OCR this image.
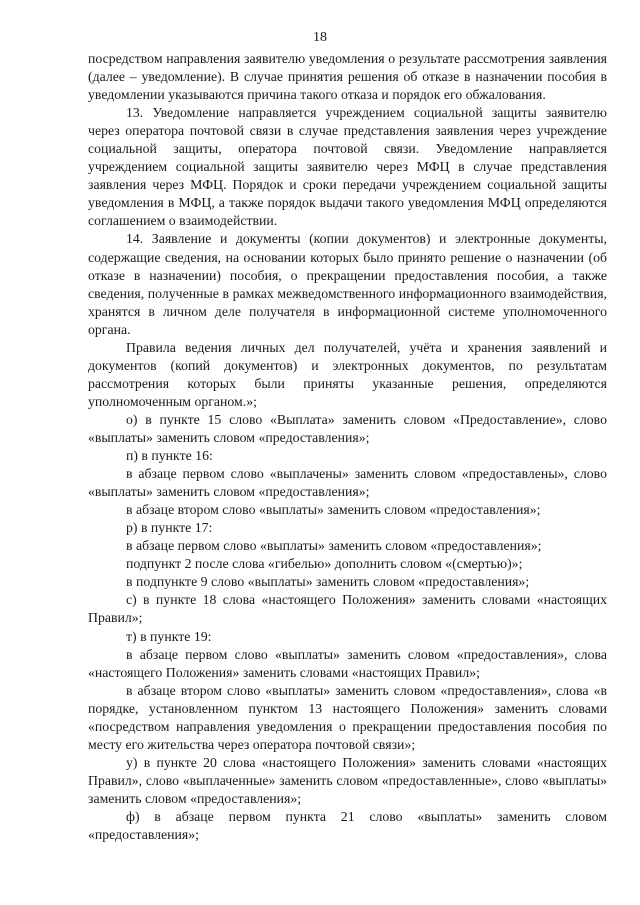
18

посредством направления заявителю уведомления о результате рассмотрения заявления (далее – уведомление). В случае принятия решения об отказе в назначении пособия в уведомлении указываются причина такого отказа и порядок его обжалования.

13. Уведомление направляется учреждением социальной защиты заявителю через оператора почтовой связи в случае представления заявления через учреждение социальной защиты, оператора почтовой связи. Уведомление направляется учреждением социальной защиты заявителю через МФЦ в случае представления заявления через МФЦ. Порядок и сроки передачи учреждением социальной защиты уведомления в МФЦ, а также порядок выдачи такого уведомления МФЦ определяются соглашением о взаимодействии.

14. Заявление и документы (копии документов) и электронные документы, содержащие сведения, на основании которых было принято решение о назначении (об отказе в назначении) пособия, о прекращении предоставления пособия, а также сведения, полученные в рамках межведомственного информационного взаимодействия, хранятся в личном деле получателя в информационной системе уполномоченного органа.

Правила ведения личных дел получателей, учёта и хранения заявлений и документов (копий документов) и электронных документов, по результатам рассмотрения которых были приняты указанные решения, определяются уполномоченным органом.»;

о) в пункте 15 слово «Выплата» заменить словом «Предоставление», слово «выплаты» заменить словом «предоставления»;

п) в пункте 16:

в абзаце первом слово «выплачены» заменить словом «предоставлены», слово «выплаты» заменить словом «предоставления»;

в абзаце втором слово «выплаты» заменить словом «предоставления»;

р) в пункте 17:

в абзаце первом слово «выплаты» заменить словом «предоставления»;

подпункт 2 после слова «гибелью» дополнить словом «(смертью)»;

в подпункте 9 слово «выплаты» заменить словом «предоставления»;

с) в пункте 18 слова «настоящего Положения» заменить словами «настоящих Правил»;

т) в пункте 19:

в абзаце первом слово «выплаты» заменить словом «предоставления», слова «настоящего Положения» заменить словами «настоящих Правил»;

в абзаце втором слово «выплаты» заменить словом «предоставления», слова «в порядке, установленном пунктом 13 настоящего Положения» заменить словами «посредством направления уведомления о прекращении предоставления пособия по месту его жительства через оператора почтовой связи»;

у) в пункте 20 слова «настоящего Положения» заменить словами «настоящих Правил», слово «выплаченные» заменить словом «предоставленные», слово «выплаты» заменить словом «предоставления»;

ф) в абзаце первом пункта 21 слово «выплаты» заменить словом «предоставления»;
